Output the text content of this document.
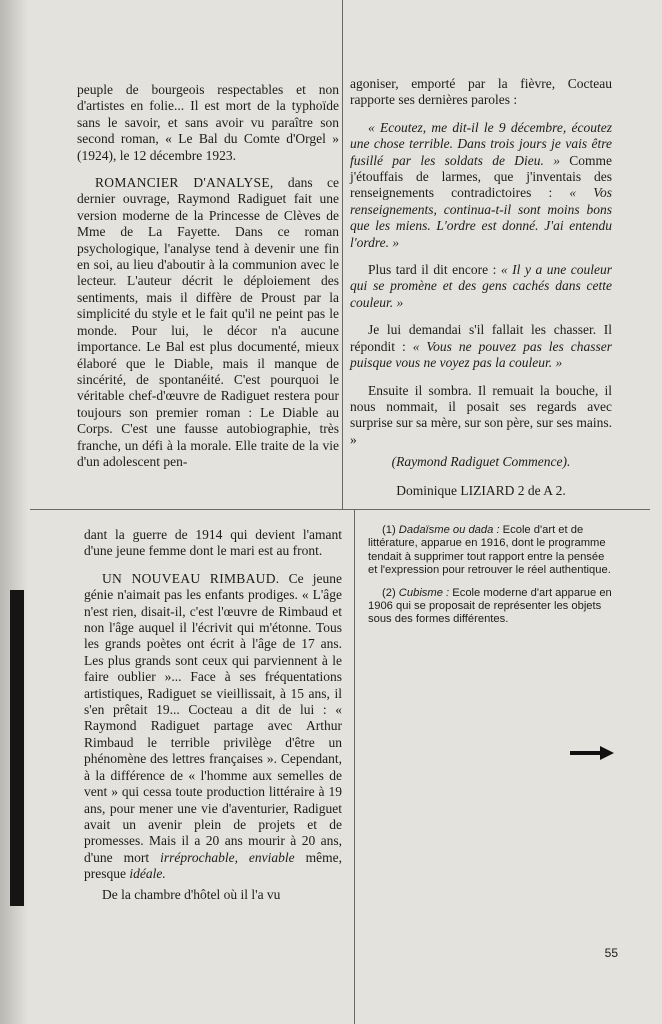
peuple de bourgeois respectables et non d'artistes en folie... Il est mort de la typhoïde sans le savoir, et sans avoir vu paraître son second roman, « Le Bal du Comte d'Orgel » (1924), le 12 décembre 1923.

ROMANCIER D'ANALYSE, dans ce dernier ouvrage, Raymond Radiguet fait une version moderne de la Princesse de Clèves de Mme de La Fayette. Dans ce roman psychologique, l'analyse tend à devenir une fin en soi, au lieu d'aboutir à la communion avec le lecteur. L'auteur décrit le déploiement des sentiments, mais il diffère de Proust par la simplicité du style et le fait qu'il ne peint pas le monde. Pour lui, le décor n'a aucune importance. Le Bal est plus documenté, mieux élaboré que le Diable, mais il manque de sincérité, de spontanéité. C'est pourquoi le véritable chef-d'œuvre de Radiguet restera pour toujours son premier roman : Le Diable au Corps. C'est une fausse autobiographie, très franche, un défi à la morale. Elle traite de la vie d'un adolescent pen-

agoniser, emporté par la fièvre, Cocteau rapporte ses dernières paroles :

« Ecoutez, me dit-il le 9 décembre, écoutez une chose terrible. Dans trois jours je vais être fusillé par les soldats de Dieu. » Comme j'étouffais de larmes, que j'inventais des renseignements contradictoires : « Vos renseignements, continua-t-il sont moins bons que les miens. L'ordre est donné. J'ai entendu l'ordre. »

Plus tard il dit encore : « Il y a une couleur qui se promène et des gens cachés dans cette couleur. »

Je lui demandai s'il fallait les chasser. Il répondit : « Vous ne pouvez pas les chasser puisque vous ne voyez pas la couleur. »

Ensuite il sombra. Il remuait la bouche, il nous nommait, il posait ses regards avec surprise sur sa mère, sur son père, sur ses mains. »

(Raymond Radiguet Commence).

Dominique LIZIARD 2 de A 2.

dant la guerre de 1914 qui devient l'amant d'une jeune femme dont le mari est au front.

UN NOUVEAU RIMBAUD. Ce jeune génie n'aimait pas les enfants prodiges. « L'âge n'est rien, disait-il, c'est l'œuvre de Rimbaud et non l'âge auquel il l'écrivit qui m'étonne. Tous les grands poètes ont écrit à l'âge de 17 ans. Les plus grands sont ceux qui parviennent à le faire oublier »... Face à ses fréquentations artistiques, Radiguet se vieillissait, à 15 ans, il s'en prêtait 19... Cocteau a dit de lui : « Raymond Radiguet partage avec Arthur Rimbaud le terrible privilège d'être un phénomène des lettres françaises ». Cependant, à la différence de « l'homme aux semelles de vent » qui cessa toute production littéraire à 19 ans, pour mener une vie d'aventurier, Radiguet avait un avenir plein de projets et de promesses. Mais il a 20 ans mourir à 20 ans, d'une mort irréprochable, enviable même, presque idéale.

De la chambre d'hôtel où il l'a vu

(1) Dadaïsme ou dada : Ecole d'art et de littérature, apparue en 1916, dont le programme tendait à supprimer tout rapport entre la pensée et l'expression pour retrouver le réel authentique.

(2) Cubisme : Ecole moderne d'art apparue en 1906 qui se proposait de représenter les objets sous des formes différentes.

55
